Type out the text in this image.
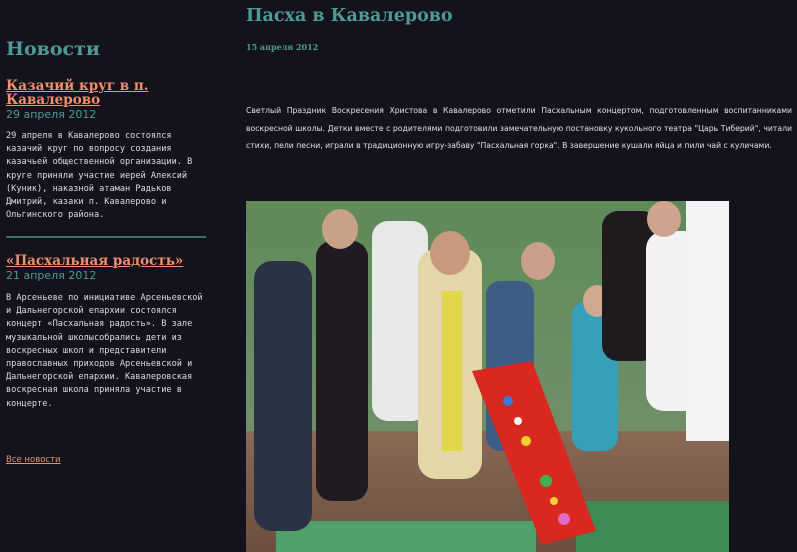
Новости
Казачий круг в п. Кавалерово
29 апреля 2012

29 апреля в Кавалерово состоялся казачий круг по вопросу создания казачьей общественной организации. В круге приняли участие иерей Алексий (Куник), наказной атаман Радьков Дмитрий, казаки п. Кавалерово и Ольгинского района.

«Пасхальная радость»
21 апреля 2012

В Арсеньеве по инициативе Арсеньевской и Дальнегорской епархии состоялся концерт «Пасхальная радость». В зале музыкальной школысобрались дети из воскресных школ и представители православных приходов Арсеньевской и Дальнегорской епархии. Кавалеровская воскресная школа приняла участие в концерте.

Все новости
Пасха в Кавалерово
15 апреля 2012

Светлый Праздник Воскресения Христова в Кавалерово отметили Пасхальным концертом, подготовленным воспитанниками воскресной школы. Детки вместе с родителями подготовили замечательную постановку кукольного театра "Царь Тиберий", читали стихи, пели песни, играли в традиционную игру-забаву "Пасхальная горка". В завершение кушали яйца и пили чай с куличами.
